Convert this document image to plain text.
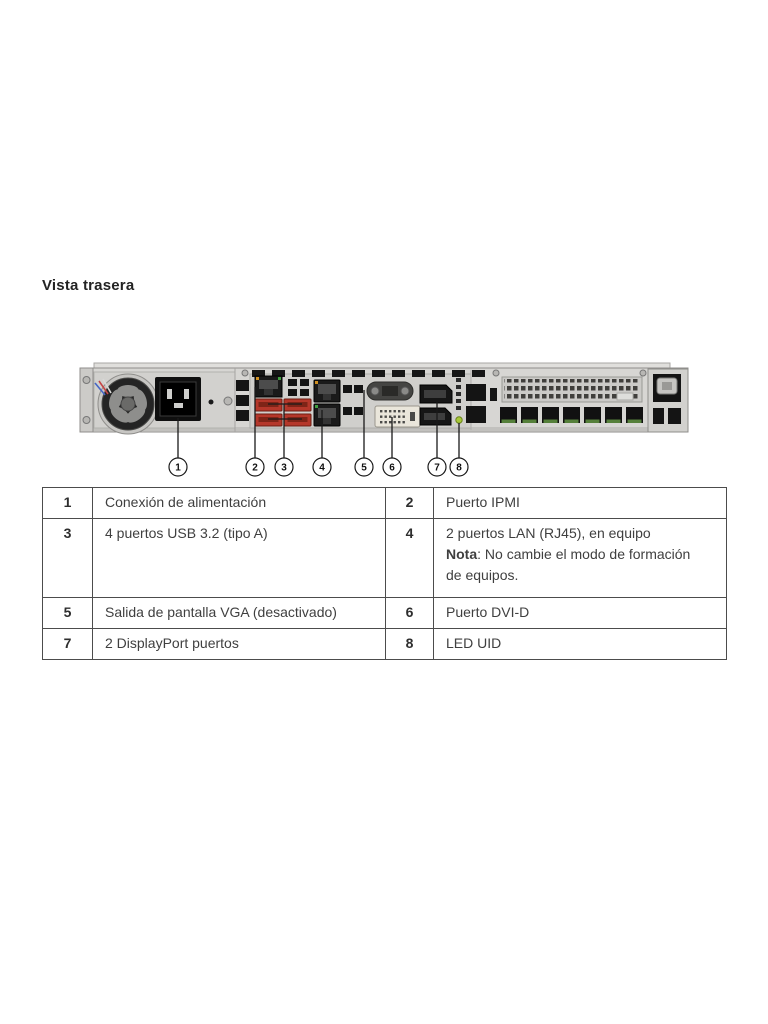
Vista trasera
1	2 3	4	5 6	7 8
1	Conexión de alimentación	2	Puerto IPMI
3	4 puertos USB 3.2 (tipo A)	4	2 puertos LAN (RJ45), en equipo
Nota: No cambie el modo de formación de equipos.
5	Salida de pantalla VGA (desactivado)	6	Puerto DVI-D
7	2 DisplayPort puertos	8	LED UID
